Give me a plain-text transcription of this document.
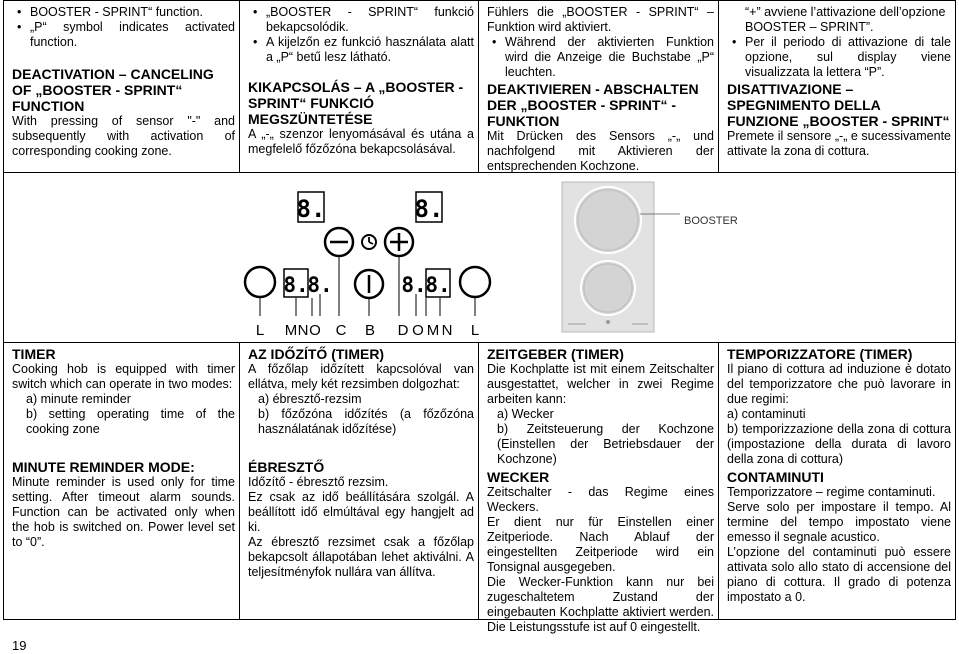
• BOOSTER - SPRINT“ function.
• „P“ symbol indicates activated function.

DEACTIVATION – CANCELING OF „BOOSTER - SPRINT“ FUNCTION

With pressing of sensor "-" and subsequently with activation of corresponding cooking zone.

• „BOOSTER - SPRINT“ funkció bekapcsolódik.
• A kijelzőn ez funkció használata alatt a „P“ betű lesz látható.

KIKAPCSOLÁS – A „BOOSTER - SPRINT“ FUNKCIÓ MEGSZÜNTETÉSE

A „-„ szenzor lenyomásával és utána a megfelelő főzőzóna bekapcsolásával.

Fühlers die „BOOSTER - SPRINT“ – Funktion wird aktiviert.

• Während der aktivierten Funktion wird die Anzeige die Buchstabe „P“ leuchten.

DEAKTIVIEREN - ABSCHALTEN DER „BOOSTER - SPRINT“ - FUNKTION

Mit Drücken des Sensors „-„ und nachfolgend mit Aktivieren der entsprechenden Kochzone.

“+” avviene l’attivazione dell’opzione BOOSTER – SPRINT”.

• Per il periodo di attivazione di tale opzione, sul display viene visualizzata la lettera “P”.

DISATTIVAZIONE – SPEGNIMENTO DELLA FUNZIONE „BOOSTER - SPRINT“

Premete il sensore „-„ e sucessivamente attivate la zona di cottura.

8.	8.
8.
8.	8.
8.
L M N O C B D O M N L
BOOSTER

TIMER

Cooking hob is equipped with timer switch which can operate in two modes:

a) minute reminder

b) setting operating time of the cooking zone

MINUTE REMINDER MODE:

Minute reminder is used only for time setting. After timeout alarm sounds. Function can be activated only when the hob is switched on. Power level set to “0”.

AZ IDŐZÍTŐ (TIMER)

A főzőlap időzített kapcsolóval van ellátva, mely két rezsimben dolgozhat:

a) ébresztő-rezsim

b) főzőzóna időzítés (a főzőzóna használatának időzítése)

ÉBRESZTŐ

Időzítő - ébresztő rezsim.

Ez csak az idő beállítására szolgál. A beállított idő elmúltával egy hangjelt ad ki.

Az ébresztő rezsimet csak a főzőlap bekapcsolt állapotában lehet aktiválni. A teljesítményfok nullára van állítva.

ZEITGEBER (TIMER)

Die Kochplatte ist mit einem Zeitschalter ausgestattet, welcher in zwei Regime arbeiten kann:

a) Wecker

b) Zeitsteuerung der Kochzone (Einstellen der Betriebsdauer der Kochzone)

WECKER

Zeitschalter - das Regime eines Weckers.

Er dient nur für Einstellen einer Zeitperiode. Nach Ablauf der eingestellten Zeitperiode wird ein Tonsignal ausgegeben.

Die Wecker-Funktion kann nur bei zugeschaltetem Zustand der eingebauten Kochplatte aktiviert werden. Die Leistungsstufe ist auf 0 eingestellt.

TEMPORIZZATORE (TIMER)

Il piano di cottura ad induzione è dotato del temporizzatore che può lavorare in due regimi:

a) contaminuti

b) temporizzazione della zona di cottura (impostazione della durata di lavoro della zona di cottura)

CONTAMINUTI

Temporizzatore – regime contaminuti.

Serve solo per impostare il tempo. Al termine del tempo impostato viene emesso il segnale acustico.

L’opzione del contaminuti può essere attivata solo allo stato di accensione del piano di cottura. Il grado di potenza impostato a 0.

19
